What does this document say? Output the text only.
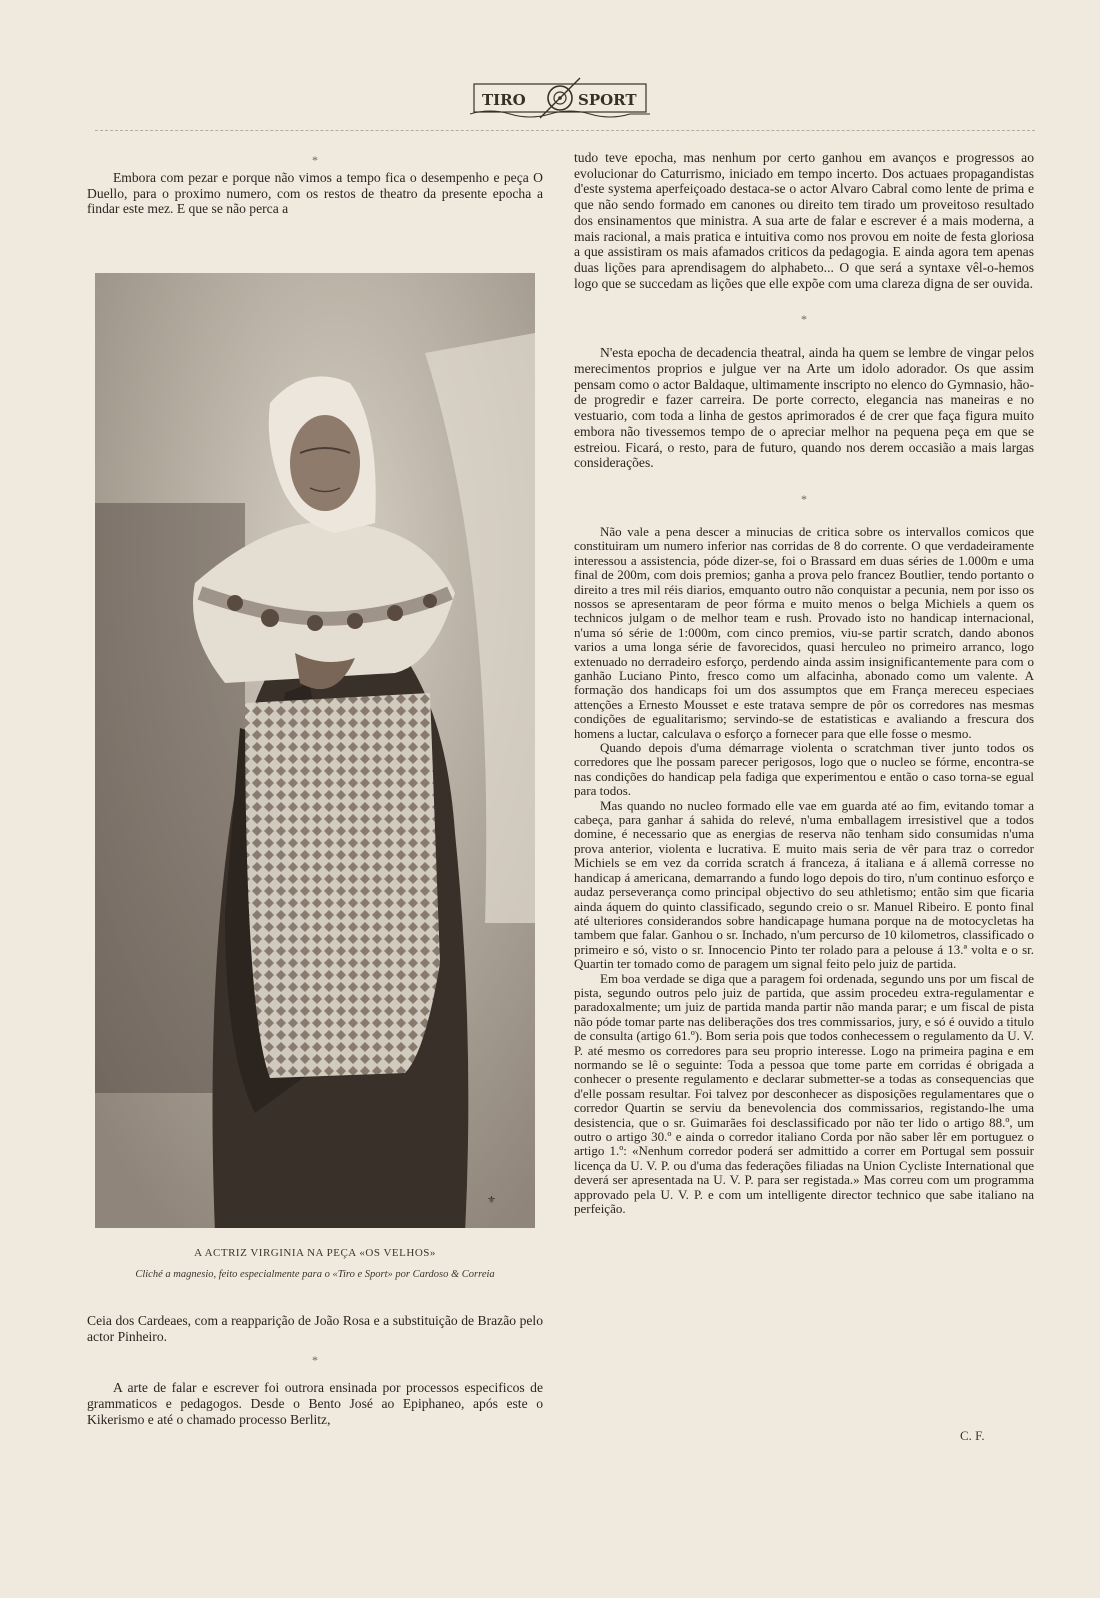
TIRO	SPORT
*

Embora com pezar e porque não vimos a tempo fica o desempenho e peça O Duello, para o proximo numero, com os restos de theatro da presente epocha a findar este mez. E que se não perca a

⚜
A ACTRIZ VIRGINIA NA PEÇA «OS VELHOS»
Cliché a magnesio, feito especialmente para o «Tiro e Sport» por Cardoso & Correia

Ceia dos Cardeaes, com a reapparição de João Rosa e a substituição de Brazão pelo actor Pinheiro.

*

A arte de falar e escrever foi outrora ensinada por processos especificos de grammaticos e pedagogos. Desde o Bento José ao Epiphaneo, após este o Kikerismo e até o chamado processo Berlitz,

tudo teve epocha, mas nenhum por certo ganhou em avanços e progressos ao evolucionar do Caturrismo, iniciado em tempo incerto. Dos actuaes propagandistas d'este systema aperfeiçoado destaca-se o actor Alvaro Cabral como lente de prima e que não sendo formado em canones ou direito tem tirado um proveitoso resultado dos ensinamentos que ministra. A sua arte de falar e escrever é a mais moderna, a mais racional, a mais pratica e intuitiva como nos provou em noite de festa gloriosa a que assistiram os mais afamados criticos da pedagogia. E ainda agora tem apenas duas lições para aprendisagem do alphabeto... O que será a syntaxe vêl-o-hemos logo que se succedam as lições que elle expõe com uma clareza digna de ser ouvida.

*

N'esta epocha de decadencia theatral, ainda ha quem se lembre de vingar pelos merecimentos proprios e julgue ver na Arte um idolo adorador. Os que assim pensam como o actor Baldaque, ultimamente inscripto no elenco do Gymnasio, hão-de progredir e fazer carreira. De porte correcto, elegancia nas maneiras e no vestuario, com toda a linha de gestos aprimorados é de crer que faça figura muito embora não tivessemos tempo de o apreciar melhor na pequena peça em que se estreiou. Ficará, o resto, para de futuro, quando nos derem occasião a mais largas considerações.

*

Não vale a pena descer a minucias de critica sobre os intervallos comicos que constituiram um numero inferior nas corridas de 8 do corrente. O que verdadeiramente interessou a assistencia, póde dizer-se, foi o Brassard em duas séries de 1.000m e uma final de 200m, com dois premios; ganha a prova pelo francez Boutlier, tendo portanto o direito a tres mil réis diarios, emquanto outro não conquistar a pecunia, nem por isso os nossos se apresentaram de peor fórma e muito menos o belga Michiels a quem os technicos julgam o de melhor team e rush. Provado isto no handicap internacional, n'uma só série de 1:000m, com cinco premios, viu-se partir scratch, dando abonos varios a uma longa série de favorecidos, quasi herculeo no primeiro arranco, logo extenuado no derradeiro esforço, perdendo ainda assim insignificantemente para com o ganhão Luciano Pinto, fresco como um alfacinha, abonado como um valente. A formação dos handicaps foi um dos assumptos que em França mereceu especiaes attenções a Ernesto Mousset e este tratava sempre de pôr os corredores nas mesmas condições de egualitarismo; servindo-se de estatisticas e avaliando a frescura dos homens a luctar, calculava o esforço a fornecer para que elle fosse o mesmo.

Quando depois d'uma démarrage violenta o scratchman tiver junto todos os corredores que lhe possam parecer perigosos, logo que o nucleo se fórme, encontra-se nas condições do handicap pela fadiga que experimentou e então o caso torna-se egual para todos.

Mas quando no nucleo formado elle vae em guarda até ao fim, evitando tomar a cabeça, para ganhar á sahida do relevé, n'uma emballagem irresistivel que a todos domine, é necessario que as energias de reserva não tenham sido consumidas n'uma prova anterior, violenta e lucrativa. E muito mais seria de vêr para traz o corredor Michiels se em vez da corrida scratch á franceza, á italiana e á allemã corresse no handicap á americana, demarrando a fundo logo depois do tiro, n'um continuo esforço e audaz perseverança como principal objectivo do seu athletismo; então sim que ficaria ainda áquem do quinto classificado, segundo creio o sr. Manuel Ribeiro. E ponto final até ulteriores considerandos sobre handicapage humana porque na de motocycletas ha tambem que falar. Ganhou o sr. Inchado, n'um percurso de 10 kilometros, classificado o primeiro e só, visto o sr. Innocencio Pinto ter rolado para a pelouse á 13.ª volta e o sr. Quartin ter tomado como de paragem um signal feito pelo juiz de partida.

Em boa verdade se diga que a paragem foi ordenada, segundo uns por um fiscal de pista, segundo outros pelo juiz de partida, que assim procedeu extra-regulamentar e paradoxalmente; um juiz de partida manda partir não manda parar; e um fiscal de pista não póde tomar parte nas deliberações dos tres commissarios, jury, e só é ouvido a titulo de consulta (artigo 61.º). Bom seria pois que todos conhecessem o regulamento da U. V. P. até mesmo os corredores para seu proprio interesse. Logo na primeira pagina e em normando se lê o seguinte: Toda a pessoa que tome parte em corridas é obrigada a conhecer o presente regulamento e declarar submetter-se a todas as consequencias que d'elle possam resultar. Foi talvez por desconhecer as disposições regulamentares que o corredor Quartin se serviu da benevolencia dos commissarios, registando-lhe uma desistencia, que o sr. Guimarães foi desclassificado por não ter lido o artigo 88.º, um outro o artigo 30.º e ainda o corredor italiano Corda por não saber lêr em portuguez o artigo 1.º: «Nenhum corredor poderá ser admittido a correr em Portugal sem possuir licença da U. V. P. ou d'uma das federações filiadas na Union Cycliste International que deverá ser apresentada na U. V. P. para ser registada.» Mas correu com um programma approvado pela U. V. P. e com um intelligente director technico que sabe italiano na perfeição.

C. F.
